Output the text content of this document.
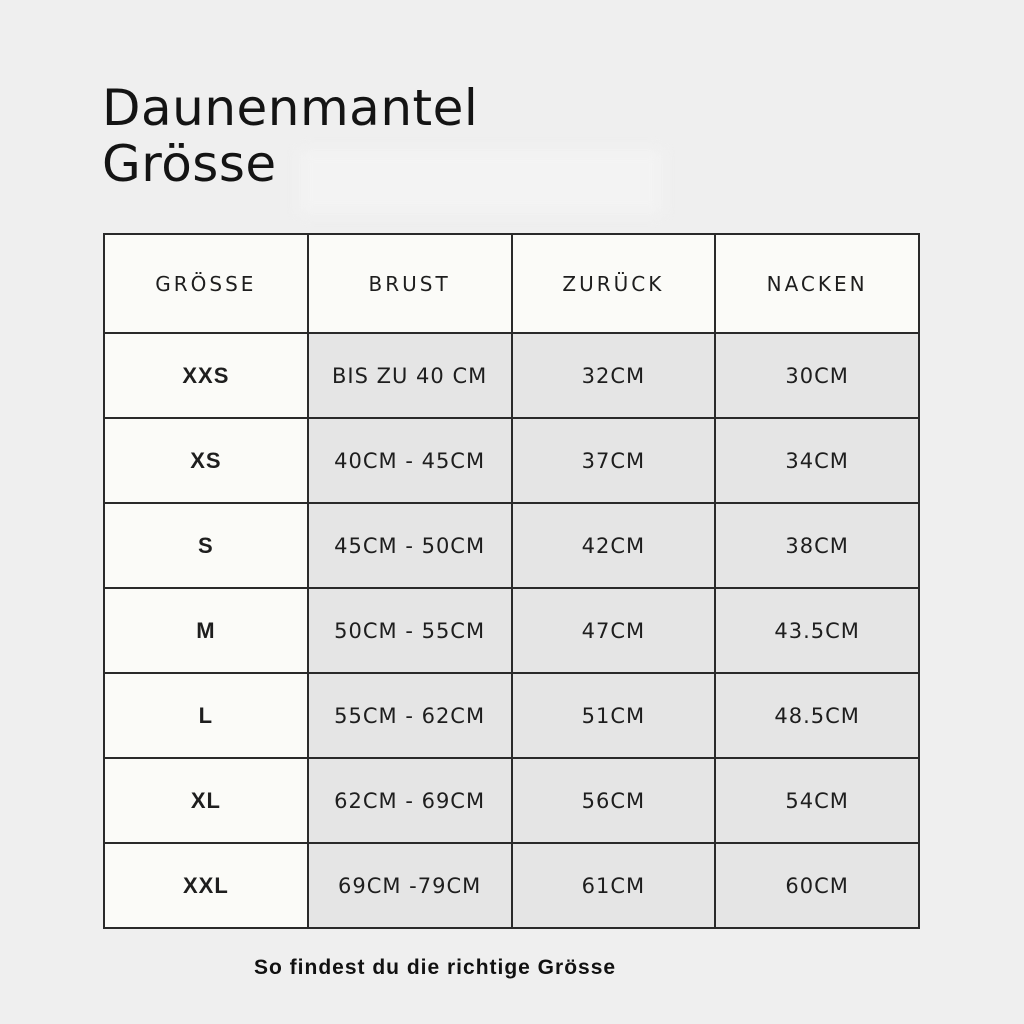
Daunenmantel
Grösse
GRÖSSE	BRUST	ZURÜCK	NACKEN
XXS	BIS ZU 40 CM	32CM	30CM
XS	40CM - 45CM	37CM	34CM
S	45CM - 50CM	42CM	38CM
M	50CM - 55CM	47CM	43.5CM
L	55CM - 62CM	51CM	48.5CM
XL	62CM - 69CM	56CM	54CM
XXL	69CM -79CM	61CM	60CM
So findest du die richtige Grösse
